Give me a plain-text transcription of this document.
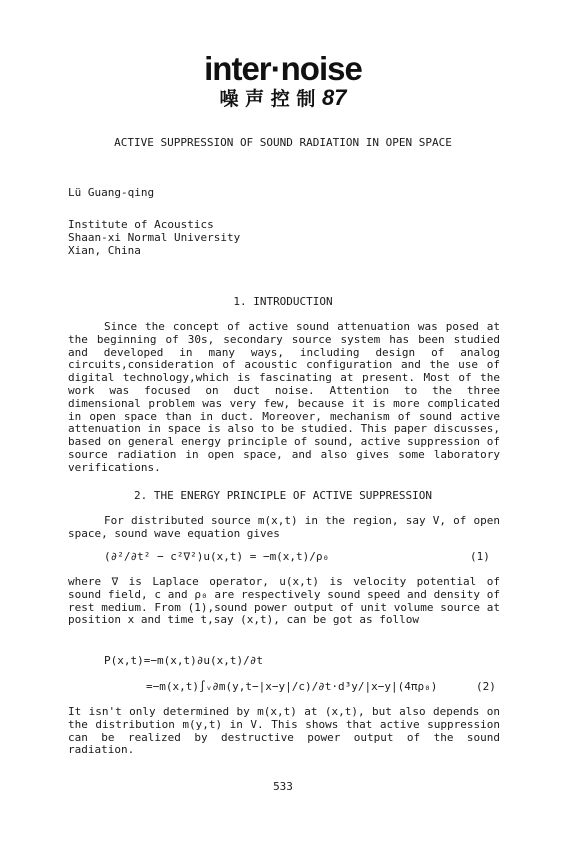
inter·noise
噪 声 控 制 87
ACTIVE SUPPRESSION OF SOUND RADIATION IN OPEN SPACE
Lü Guang-qing
Institute of Acoustics
Shaan-xi Normal University
Xian, China
1. INTRODUCTION
Since the concept of active sound attenuation was posed at the beginning of 30s, secondary source system has been studied and developed in many ways, including design of analog circuits,consideration of acoustic configuration and the use of digital technology,which is fascinating at present. Most of the work was focused on duct noise. Attention to the three dimensional problem was very few, because it is more complicated in open space than in duct. Moreover, mechanism of sound active attenuation in space is also to be studied. This paper discusses, based on general energy principle of sound, active suppression of source radiation in open space, and also gives some laboratory verifications.
2. THE ENERGY PRINCIPLE OF ACTIVE SUPPRESSION
For distributed source m(x,t) in the region, say V, of open space, sound wave equation gives
(∂²/∂t² − c²∇²)u(x,t) = −m(x,t)/ρ₀	(1)
where ∇ is Laplace operator, u(x,t) is velocity potential of sound field, c and ρ₀ are respectively sound speed and density of rest medium. From (1),sound power output of unit volume source at position x and time t,say (x,t), can be got as follow
P(x,t)=−m(x,t)∂u(x,t)/∂t
=−m(x,t)∫ᵥ∂m(y,t−|x−y|/c)/∂t·d³y/|x−y|(4πρ₀)	(2)
It isn't only determined by m(x,t) at (x,t), but also depends on the distribution m(y,t) in V. This shows that active suppression can be realized by destructive power output of the sound radiation.
533
